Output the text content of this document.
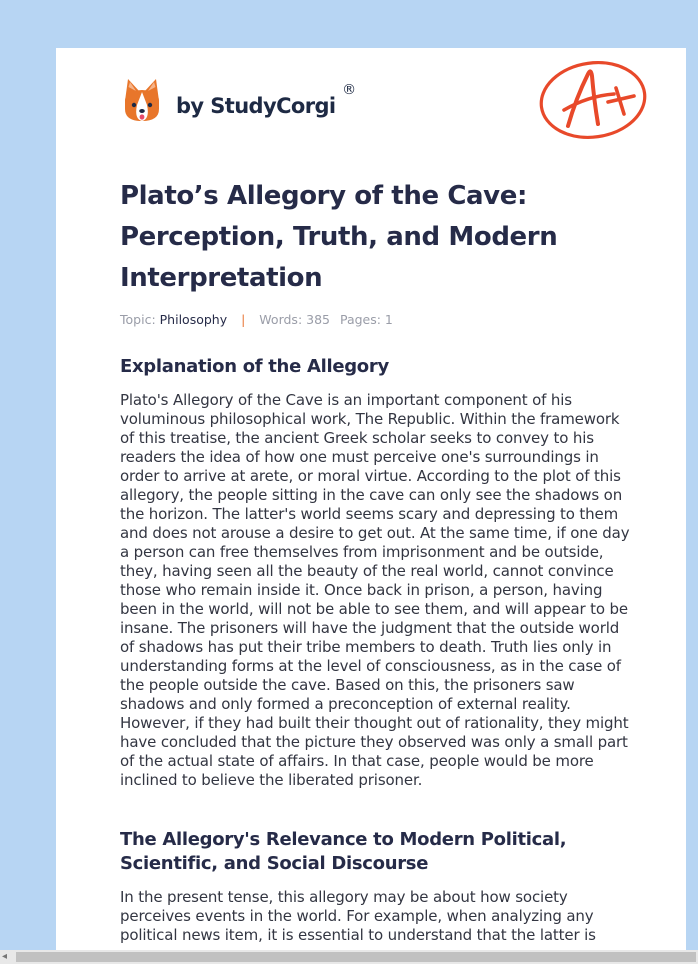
by StudyCorgi
®
A+
Plato’s Allegory of the Cave: Perception, Truth, and Modern Interpretation
Topic: Philosophy | Words: 385 Pages: 1
Explanation of the Allegory

Plato's Allegory of the Cave is an important component of his voluminous philosophical work, The Republic. Within the framework of this treatise, the ancient Greek scholar seeks to convey to his readers the idea of how one must perceive one's surroundings in order to arrive at arete, or moral virtue. According to the plot of this allegory, the people sitting in the cave can only see the shadows on the horizon. The latter's world seems scary and depressing to them and does not arouse a desire to get out. At the same time, if one day a person can free themselves from imprisonment and be outside, they, having seen all the beauty of the real world, cannot convince those who remain inside it. Once back in prison, a person, having been in the world, will not be able to see them, and will appear to be insane. The prisoners will have the judgment that the outside world of shadows has put their tribe members to death. Truth lies only in understanding forms at the level of consciousness, as in the case of the people outside the cave. Based on this, the prisoners saw shadows and only formed a preconception of external reality. However, if they had built their thought out of rationality, they might have concluded that the picture they observed was only a small part of the actual state of affairs. In that case, people would be more inclined to believe the liberated prisoner.

The Allegory's Relevance to Modern Political, Scientific, and Social Discourse

In the present tense, this allegory may be about how society perceives events in the world. For example, when analyzing any political news item, it is essential to understand that the latter is

◂
